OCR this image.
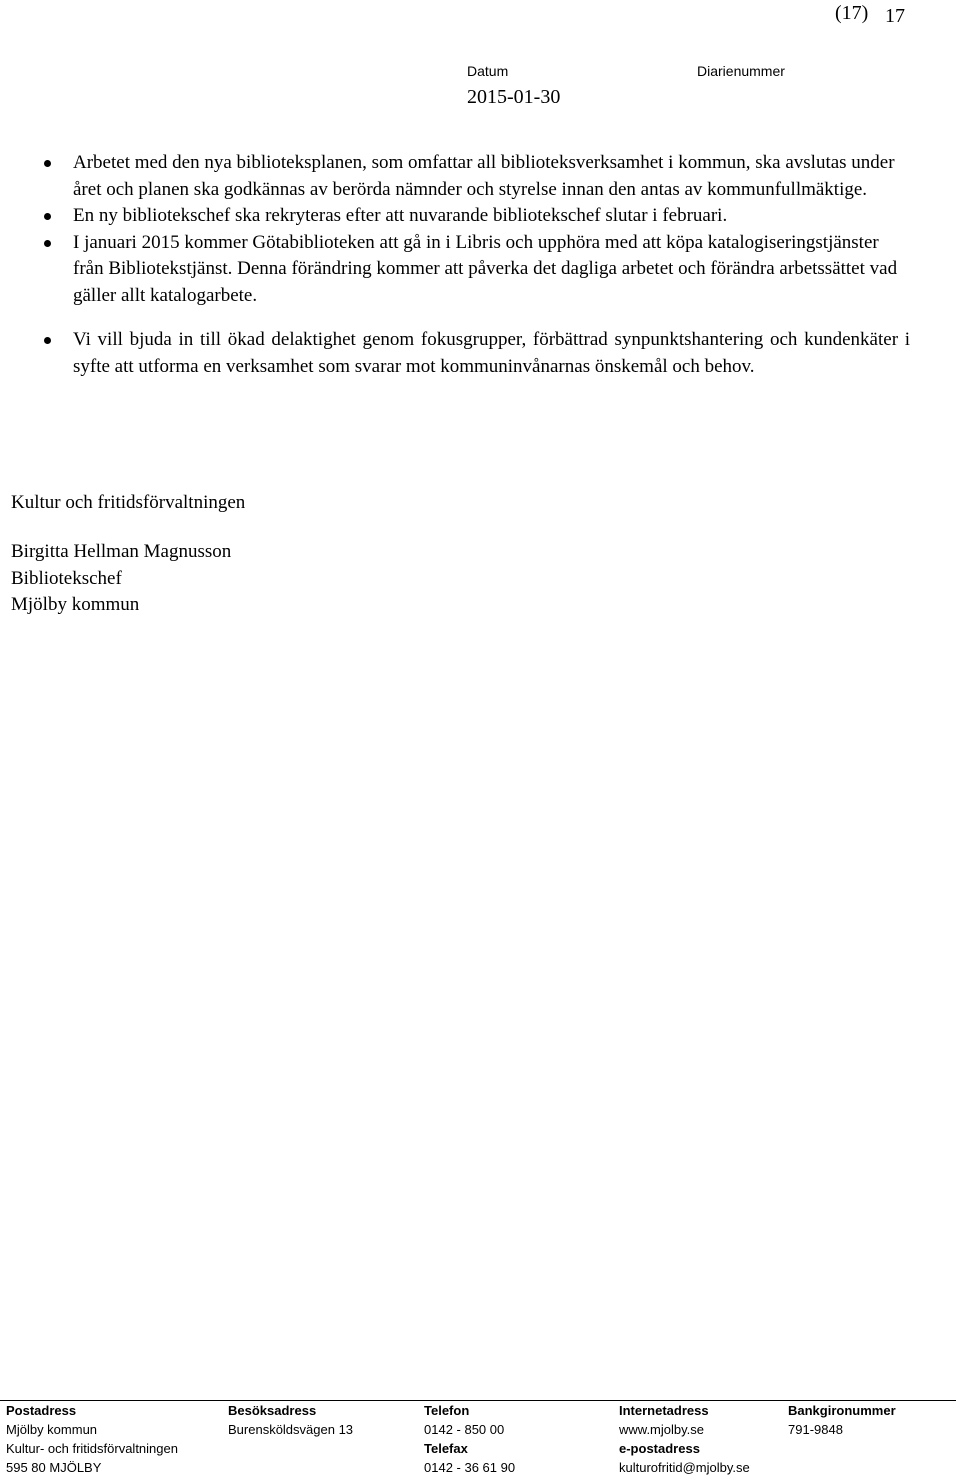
(17) 17
Datum	Diarienummer
2015-01-30
Arbetet med den nya biblioteksplanen, som omfattar all biblioteksverksamhet i kommun, ska avslutas under året och planen ska godkännas av berörda nämnder och styrelse innan den antas av kommunfullmäktige.
En ny bibliotekschef ska rekryteras efter att nuvarande bibliotekschef slutar i februari.
I januari 2015 kommer Götabiblioteken att gå in i Libris och upphöra med att köpa katalogiseringstjänster från Bibliotekstjänst. Denna förändring kommer att påverka det dagliga arbetet och förändra arbetssättet vad gäller allt katalogarbete.
Vi vill bjuda in till ökad delaktighet genom fokusgrupper, förbättrad synpunktshantering och kundenkäter i syfte att utforma en verksamhet som svarar mot kommuninvånarnas önskemål och behov.
Kultur och fritidsförvaltningen
Birgitta Hellman Magnusson
Bibliotekschef
Mjölby kommun
Postadress
Mjölby kommun
Kultur- och fritidsförvaltningen
595 80 MJÖLBY
Besöksadress
Burensköldsvägen 13
Telefon
0142 - 850 00
Telefax
0142 - 36 61 90
Internetadress
www.mjolby.se
e-postadress
kulturofritid@mjolby.se
Bankgironummer
791-9848
